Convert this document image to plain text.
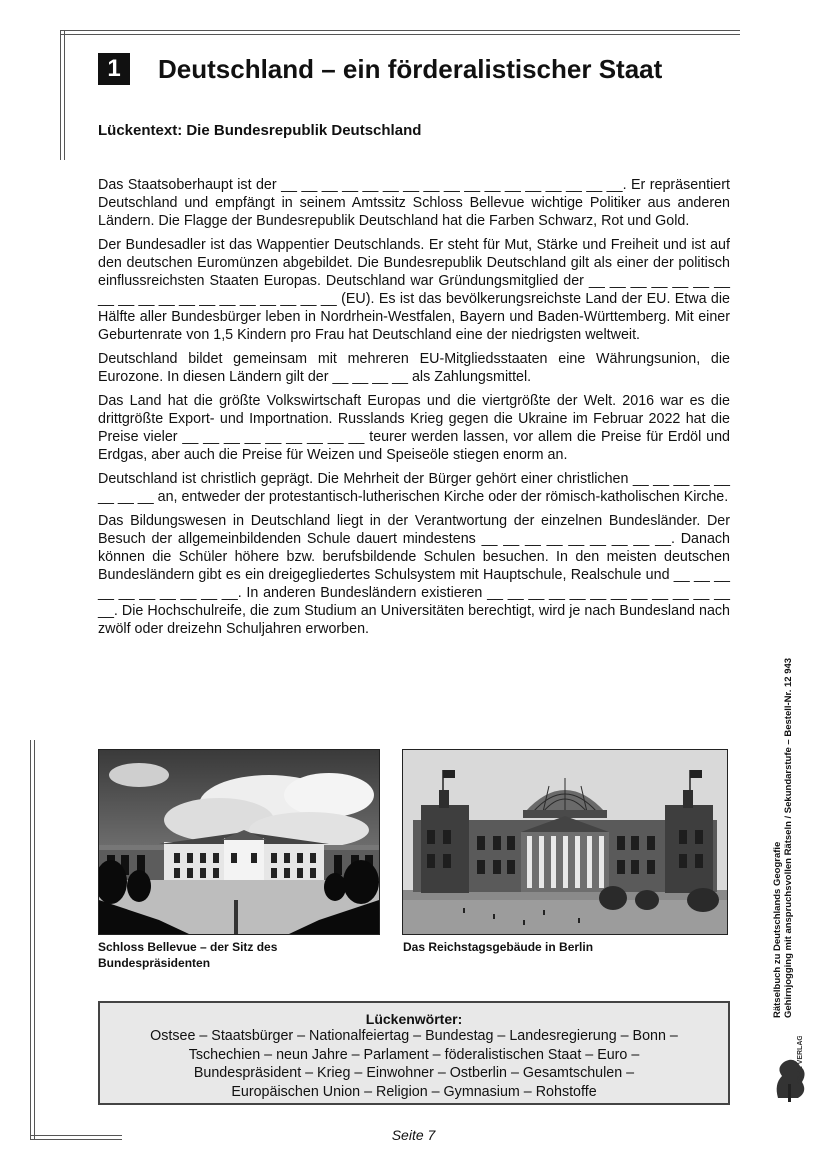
1	Deutschland – ein förderalistischer Staat
Lückentext: Die Bundesrepublik Deutschland

Das Staatsoberhaupt ist der __ __ __ __ __ __ __ __ __ __ __ __ __ __ __ __ __. Er repräsentiert Deutschland und empfängt in seinem Amtssitz Schloss Bellevue wichtige Politiker aus anderen Ländern. Die Flagge der Bundesrepublik Deutschland hat die Farben Schwarz, Rot und Gold.

Der Bundesadler ist das Wappentier Deutschlands. Er steht für Mut, Stärke und Freiheit und ist auf den deutschen Euromünzen abgebildet. Die Bundesrepublik Deutschland gilt als einer der politisch einflussreichsten Staaten Europas. Deutschland war Gründungsmitglied der __ __ __ __ __ __ __ __ __ __ __ __ __ __ __ __ __ __ __ (EU). Es ist das bevölkerungsreichste Land der EU. Etwa die Hälfte aller Bundesbürger leben in Nordrhein-Westfalen, Bayern und Baden-Württemberg. Mit einer Geburtenrate von 1,5 Kindern pro Frau hat Deutschland eine der niedrigsten weltweit.

Deutschland bildet gemeinsam mit mehreren EU-Mitgliedsstaaten eine Währungsunion, die Eurozone. In diesen Ländern gilt der __ __ __ __ als Zahlungsmittel.

Das Land hat die größte Volkswirtschaft Europas und die viertgrößte der Welt. 2016 war es die drittgrößte Export- und Importnation. Russlands Krieg gegen die Ukraine im Februar 2022 hat die Preise vieler __ __ __ __ __ __ __ __ __ teurer werden lassen, vor allem die Preise für Erdöl und Erdgas, aber auch die Preise für Weizen und Speiseöle stiegen enorm an.

Deutschland ist christlich geprägt. Die Mehrheit der Bürger gehört einer christlichen __ __ __ __ __ __ __ __ an, entweder der protestantisch-lutherischen Kirche oder der römisch-katholischen Kirche.

Das Bildungswesen in Deutschland liegt in der Verantwortung der einzelnen Bundesländer. Der Besuch der allgemeinbildenden Schule dauert mindestens __ __ __ __ __ __ __ __ __. Danach können die Schüler höhere bzw. berufsbildende Schulen besuchen. In den meisten deutschen Bundesländern gibt es ein dreigegliedertes Schulsystem mit Hauptschule, Realschule und __ __ __ __ __ __ __ __ __ __. In anderen Bundesländern existieren __ __ __ __ __ __ __ __ __ __ __ __ __. Die Hochschulreife, die zum Studium an Universitäten berechtigt, wird je nach Bundesland nach zwölf oder dreizehn Schuljahren erworben.

Schloss Bellevue – der Sitz des Bundespräsidenten
Das Reichstagsgebäude in Berlin
Lückenwörter:
Ostsee – Staatsbürger – Nationalfeiertag – Bundestag – Landesregierung – Bonn –
Tschechien – neun Jahre – Parlament – föderalistischen Staat – Euro –
Bundespräsident – Krieg – Einwohner – Ostberlin – Gesamtschulen –
Europäischen Union – Religion – Gymnasium – Rohstoffe
Rätselbuch zu Deutschlands Geografie Gehirnjogging mit anspruchsvollen Rätseln / Sekundarstufe – Bestell-Nr. 12 943
KOHL VERLAG
Seite 7
